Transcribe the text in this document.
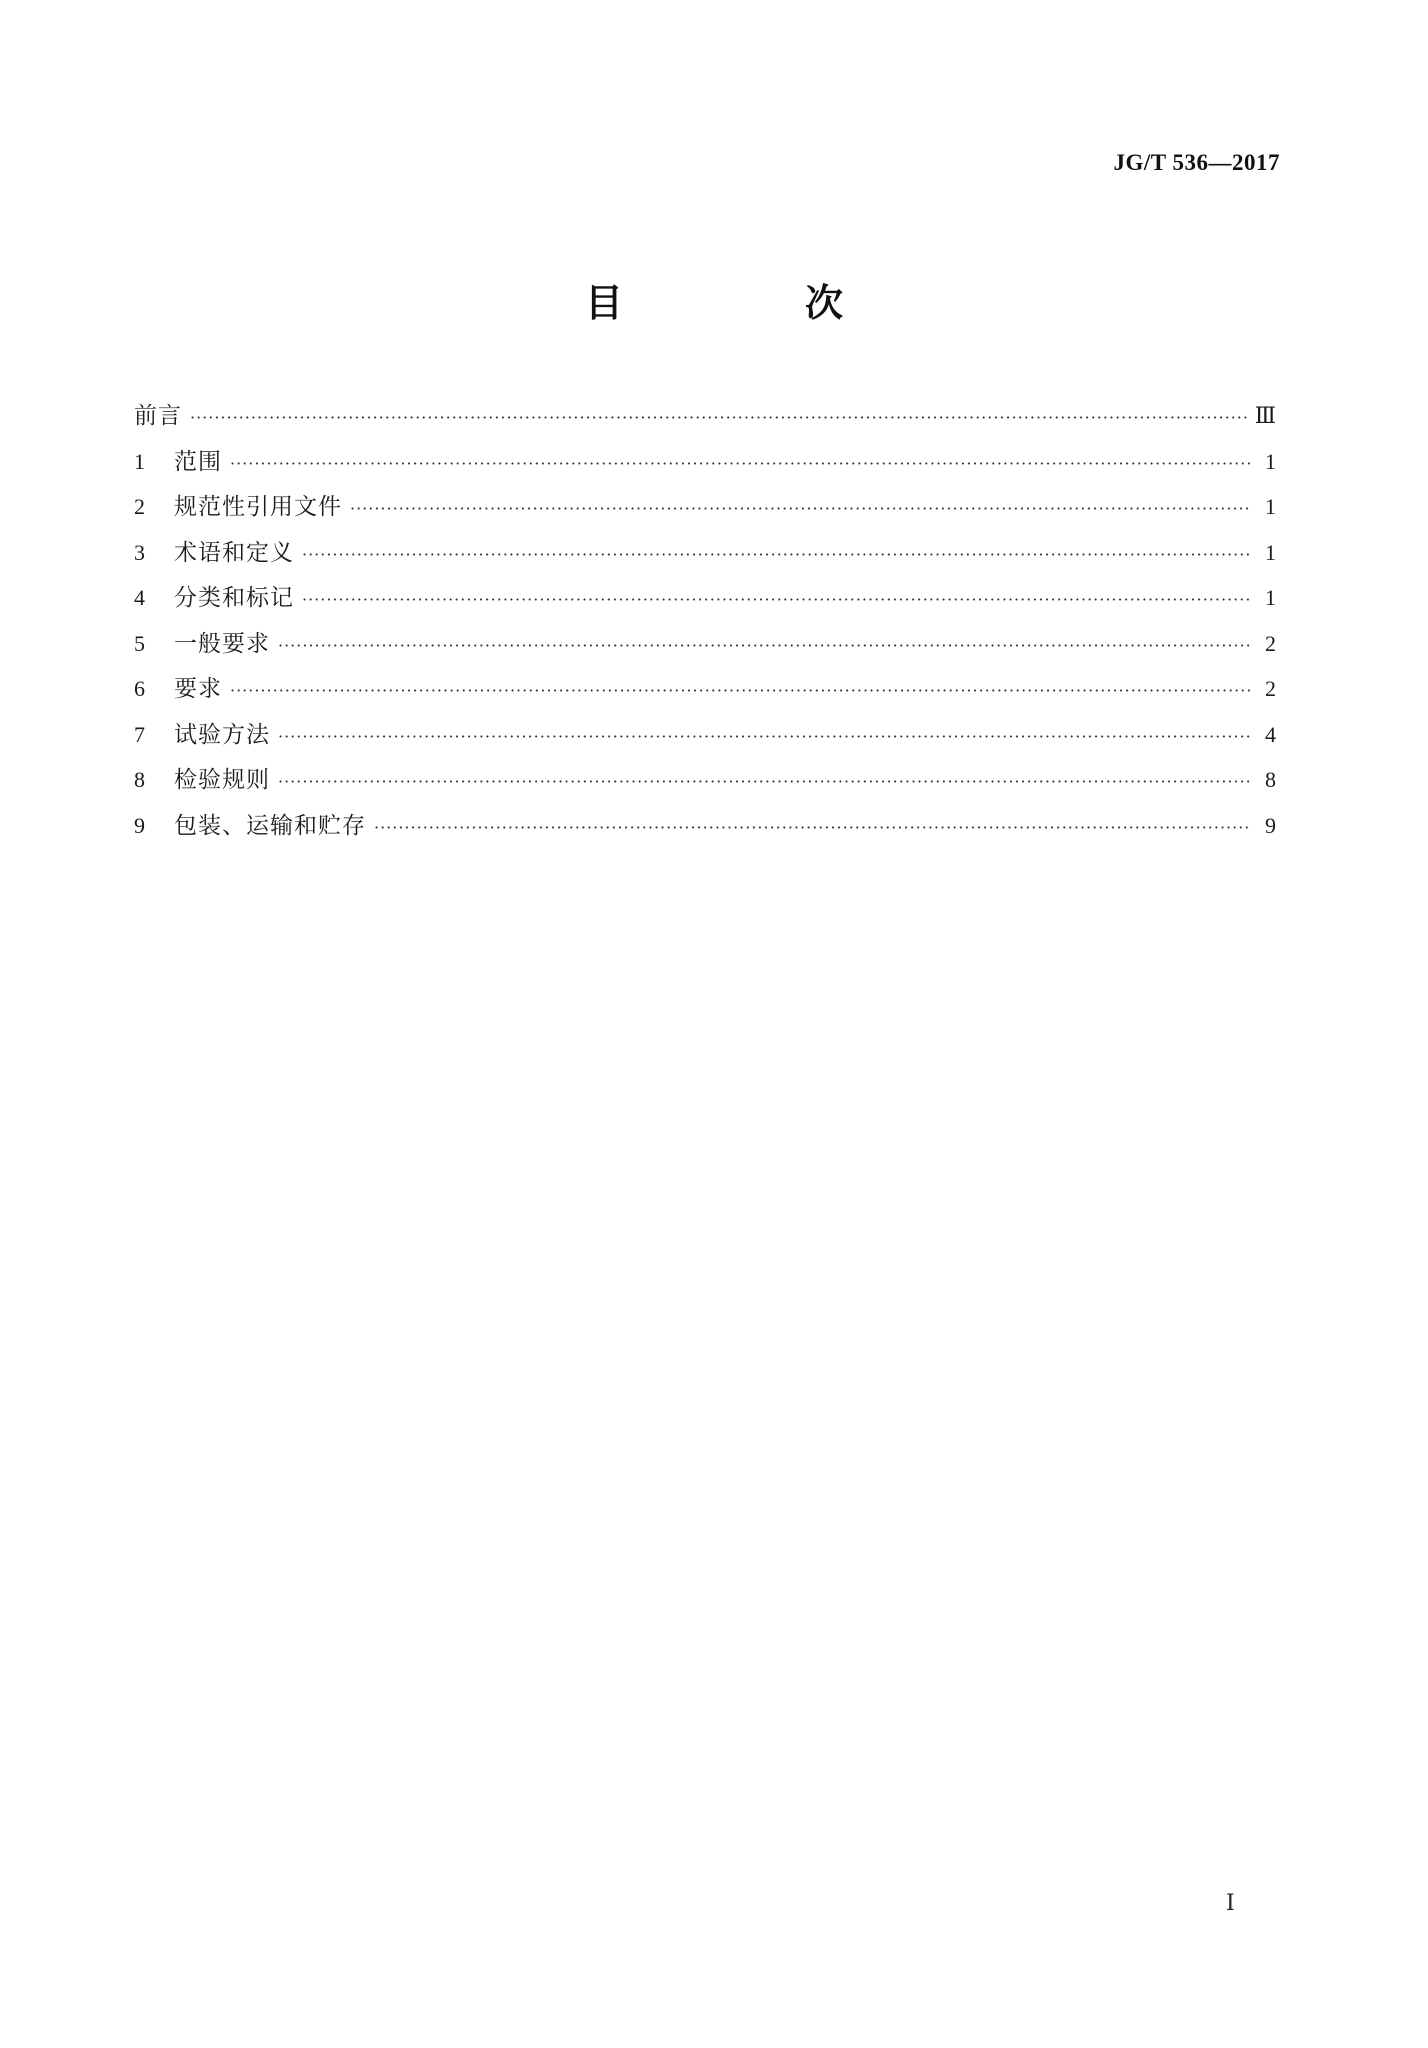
JG/T 536—2017
目　次
前言 ·····	Ⅲ
1	范围 ·····	1
2	规范性引用文件 ·····	1
3	术语和定义 ·····	1
4	分类和标记 ·····	1
5	一般要求 ·····	2
6	要求 ·····	2
7	试验方法 ·····	4
8	检验规则 ·····	8
9	包装、运输和贮存 ·····	9
Ⅰ
